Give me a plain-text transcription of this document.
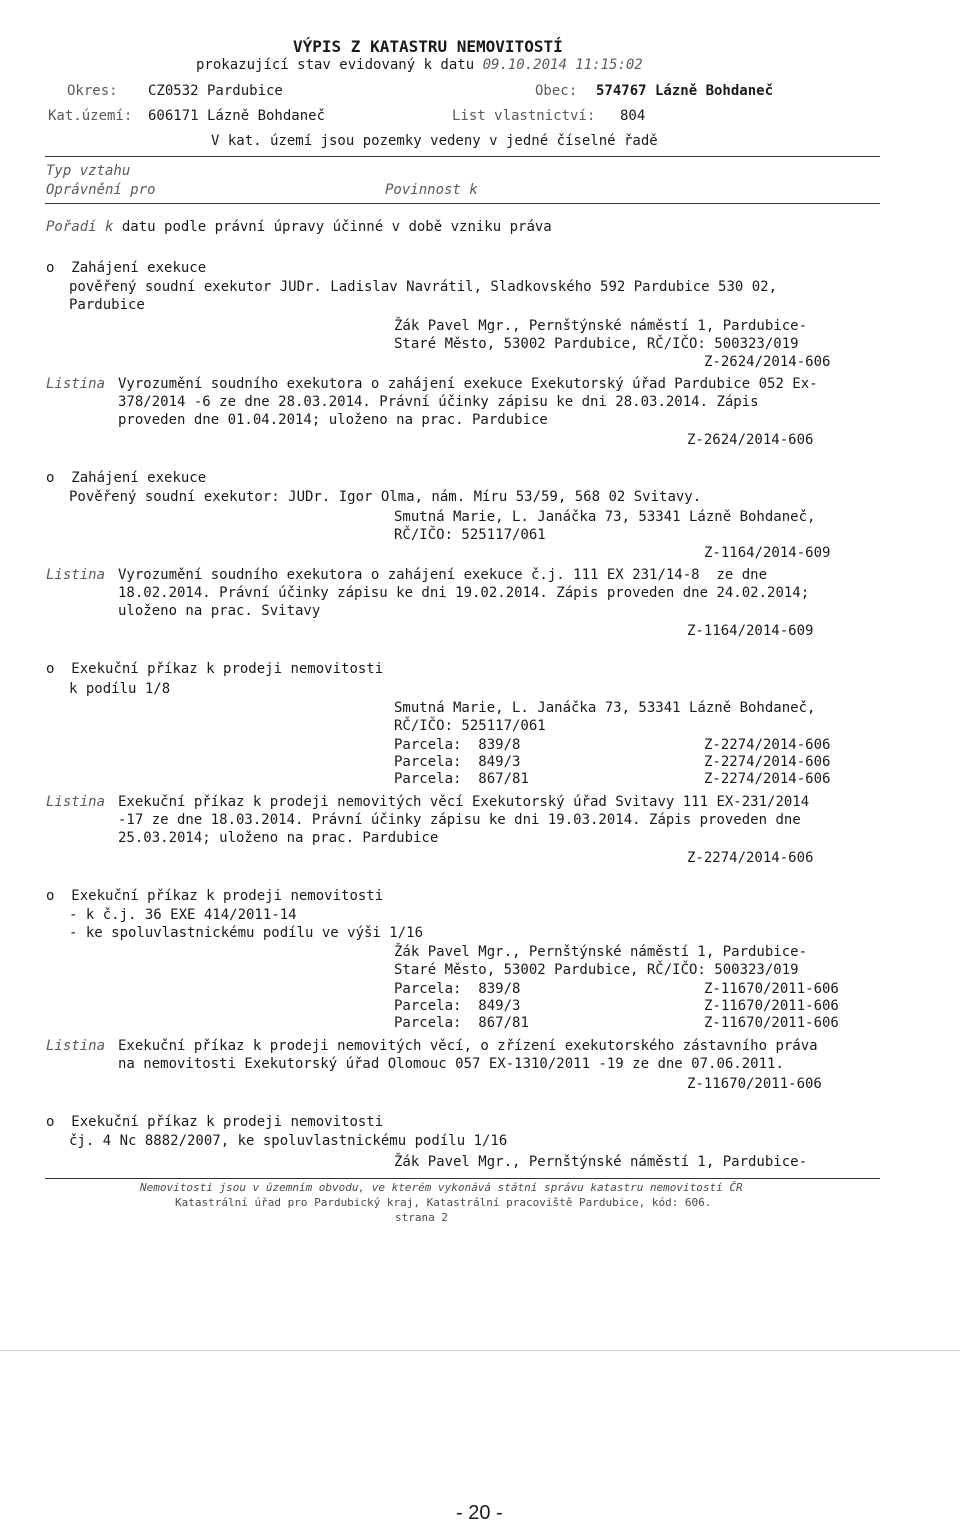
VÝPIS Z KATASTRU NEMOVITOSTÍ
prokazující stav evidovaný k datu 09.10.2014 11:15:02
Okres: CZ0532 Pardubice	Obec: 574767 Lázně Bohdaneč
Kat.území: 606171 Lázně Bohdaneč	List vlastnictví: 804
V kat. území jsou pozemky vedeny v jedné číselné řadě
Typ vztahu
Oprávnění pro	Povinnost k
Pořadí k datu podle právní úpravy účinné v době vzniku práva
o Zahájení exekuce
pověřený soudní exekutor JUDr. Ladislav Navrátil, Sladkovského 592 Pardubice 530 02,
Pardubice
Žák Pavel Mgr., Pernštýnské náměstí 1, Pardubice-
Staré Město, 53002 Pardubice, RČ/IČO: 500323/019
Z-2624/2014-606
Listina Vyrozumění soudního exekutora o zahájení exekuce Exekutorský úřad Pardubice 052 Ex-
378/2014 -6 ze dne 28.03.2014. Právní účinky zápisu ke dni 28.03.2014. Zápis
proveden dne 01.04.2014; uloženo na prac. Pardubice
Z-2624/2014-606
o Zahájení exekuce
Pověřený soudní exekutor: JUDr. Igor Olma, nám. Míru 53/59, 568 02 Svitavy.
Smutná Marie, L. Janáčka 73, 53341 Lázně Bohdaneč,
RČ/IČO: 525117/061
Z-1164/2014-609
Listina Vyrozumění soudního exekutora o zahájení exekuce č.j. 111 EX 231/14-8  ze dne
18.02.2014. Právní účinky zápisu ke dni 19.02.2014. Zápis proveden dne 24.02.2014;
uloženo na prac. Svitavy
Z-1164/2014-609
o Exekuční příkaz k prodeji nemovitosti
k podílu 1/8
Smutná Marie, L. Janáčka 73, 53341 Lázně Bohdaneč,
RČ/IČO: 525117/061
Parcela: 839/8	Z-2274/2014-606
Parcela: 849/3	Z-2274/2014-606
Parcela: 867/81	Z-2274/2014-606
Listina Exekuční příkaz k prodeji nemovitých věcí Exekutorský úřad Svitavy 111 EX-231/2014
-17 ze dne 18.03.2014. Právní účinky zápisu ke dni 19.03.2014. Zápis proveden dne
25.03.2014; uloženo na prac. Pardubice
Z-2274/2014-606
o Exekuční příkaz k prodeji nemovitosti
- k č.j. 36 EXE 414/2011-14
- ke spoluvlastnickému podílu ve výši 1/16
Žák Pavel Mgr., Pernštýnské náměstí 1, Pardubice-
Staré Město, 53002 Pardubice, RČ/IČO: 500323/019
Parcela: 839/8	Z-11670/2011-606
Parcela: 849/3	Z-11670/2011-606
Parcela: 867/81	Z-11670/2011-606
Listina Exekuční příkaz k prodeji nemovitých věcí, o zřízení exekutorského zástavního práva
na nemovitosti Exekutorský úřad Olomouc 057 EX-1310/2011 -19 ze dne 07.06.2011.
Z-11670/2011-606
o Exekuční příkaz k prodeji nemovitosti
čj. 4 Nc 8882/2007, ke spoluvlastnickému podílu 1/16
Žák Pavel Mgr., Pernštýnské náměstí 1, Pardubice-
Nemovitosti jsou v územním obvodu, ve kterém vykonává státní správu katastru nemovitostí ČR
Katastrální úřad pro Pardubický kraj, Katastrální pracoviště Pardubice, kód: 606.
strana 2
- 20 -
